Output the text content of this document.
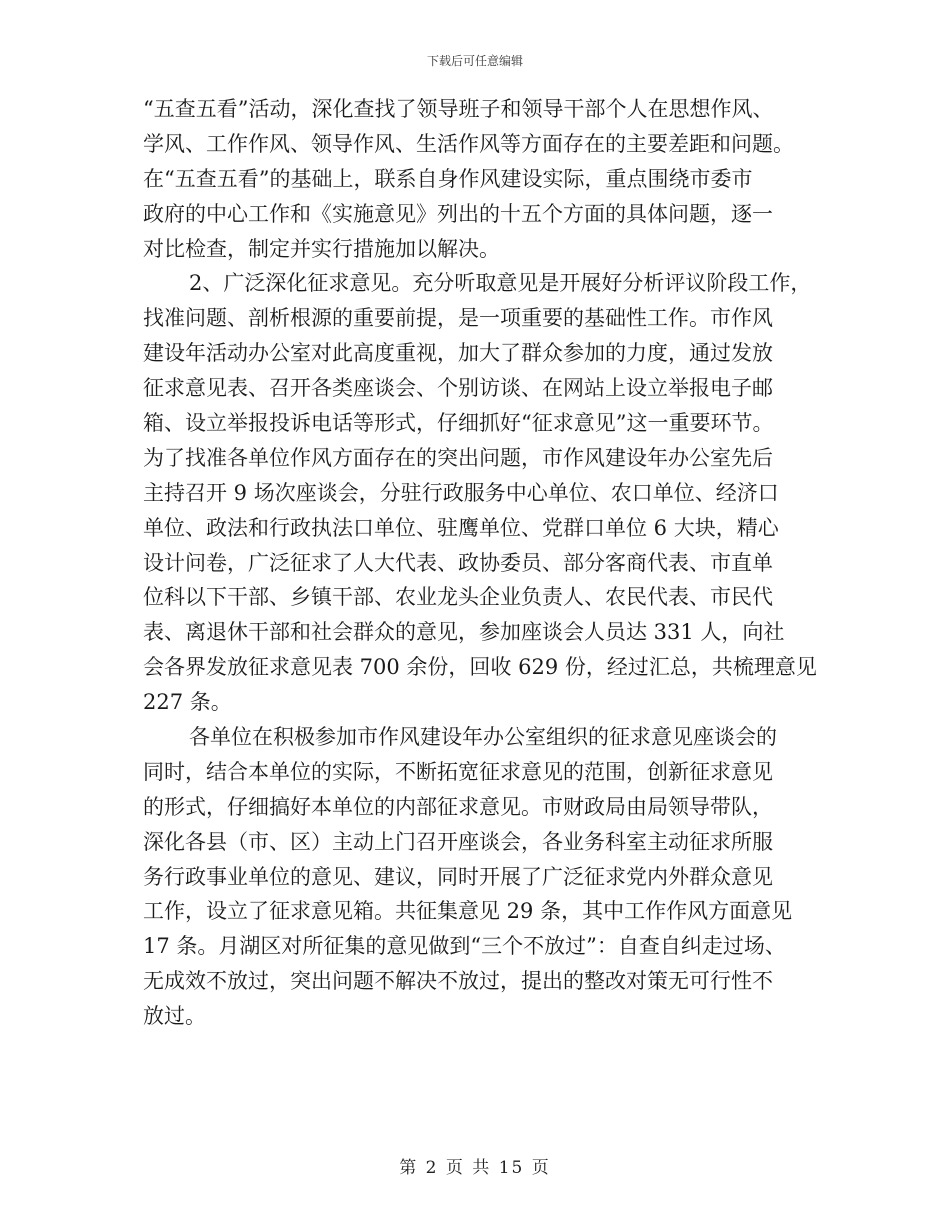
下载后可任意编辑
“五查五看”活动，深化查找了领导班子和领导干部个人在思想作风、
学风、工作作风、领导作风、生活作风等方面存在的主要差距和问题。
在“五查五看”的基础上，联系自身作风建设实际，重点围绕市委市
政府的中心工作和《实施意见》列出的十五个方面的具体问题，逐一
对比检查，制定并实行措施加以解决。
2、广泛深化征求意见。充分听取意见是开展好分析评议阶段工作，
找准问题、剖析根源的重要前提，是一项重要的基础性工作。市作风
建设年活动办公室对此高度重视，加大了群众参加的力度，通过发放
征求意见表、召开各类座谈会、个别访谈、在网站上设立举报电子邮
箱、设立举报投诉电话等形式，仔细抓好“征求意见”这一重要环节。
为了找准各单位作风方面存在的突出问题，市作风建设年办公室先后
主持召开 9 场次座谈会，分驻行政服务中心单位、农口单位、经济口
单位、政法和行政执法口单位、驻鹰单位、党群口单位 6 大块，精心
设计问卷，广泛征求了人大代表、政协委员、部分客商代表、市直单
位科以下干部、乡镇干部、农业龙头企业负责人、农民代表、市民代
表、离退休干部和社会群众的意见，参加座谈会人员达 331 人，向社
会各界发放征求意见表 700 余份，回收 629 份，经过汇总，共梳理意见
227 条。
各单位在积极参加市作风建设年办公室组织的征求意见座谈会的
同时，结合本单位的实际，不断拓宽征求意见的范围，创新征求意见
的形式，仔细搞好本单位的内部征求意见。市财政局由局领导带队，
深化各县（市、区）主动上门召开座谈会，各业务科室主动征求所服
务行政事业单位的意见、建议，同时开展了广泛征求党内外群众意见
工作，设立了征求意见箱。共征集意见 29 条，其中工作作风方面意见
17 条。月湖区对所征集的意见做到“三个不放过”：自查自纠走过场、
无成效不放过，突出问题不解决不放过，提出的整改对策无可行性不
放过。
第 2 页 共 15 页
